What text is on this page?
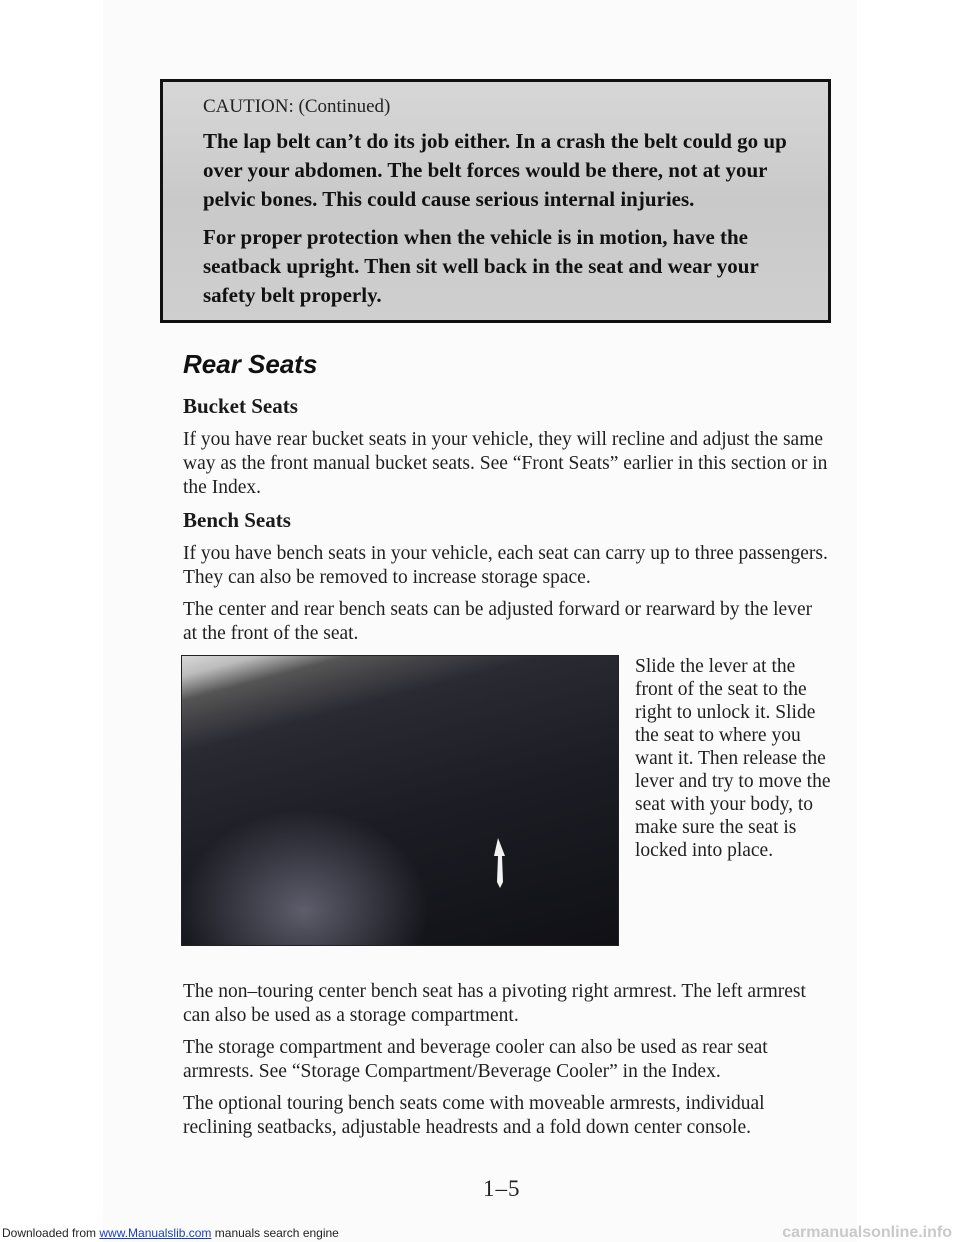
CAUTION: (Continued)
The lap belt can’t do its job either. In a crash the belt could go up over your abdomen. The belt forces would be there, not at your pelvic bones. This could cause serious internal injuries.
For proper protection when the vehicle is in motion, have the seatback upright. Then sit well back in the seat and wear your safety belt properly.
Rear Seats
Bucket Seats

If you have rear bucket seats in your vehicle, they will recline and adjust the same way as the front manual bucket seats. See “Front Seats” earlier in this section or in the Index.

Bench Seats

If you have bench seats in your vehicle, each seat can carry up to three passengers. They can also be removed to increase storage space.

The center and rear bench seats can be adjusted forward or rearward by the lever at the front of the seat.

Slide the lever at the front of the seat to the right to unlock it. Slide the seat to where you want it. Then release the lever and try to move the seat with your body, to make sure the seat is locked into place.

The non–touring center bench seat has a pivoting right armrest. The left armrest can also be used as a storage compartment.

The storage compartment and beverage cooler can also be used as rear seat armrests. See “Storage Compartment/Beverage Cooler” in the Index.

The optional touring bench seats come with moveable armrests, individual reclining seatbacks, adjustable headrests and a fold down center console.

1–5
Downloaded from www.Manualslib.com manuals search engine	carmanualsonline.info
